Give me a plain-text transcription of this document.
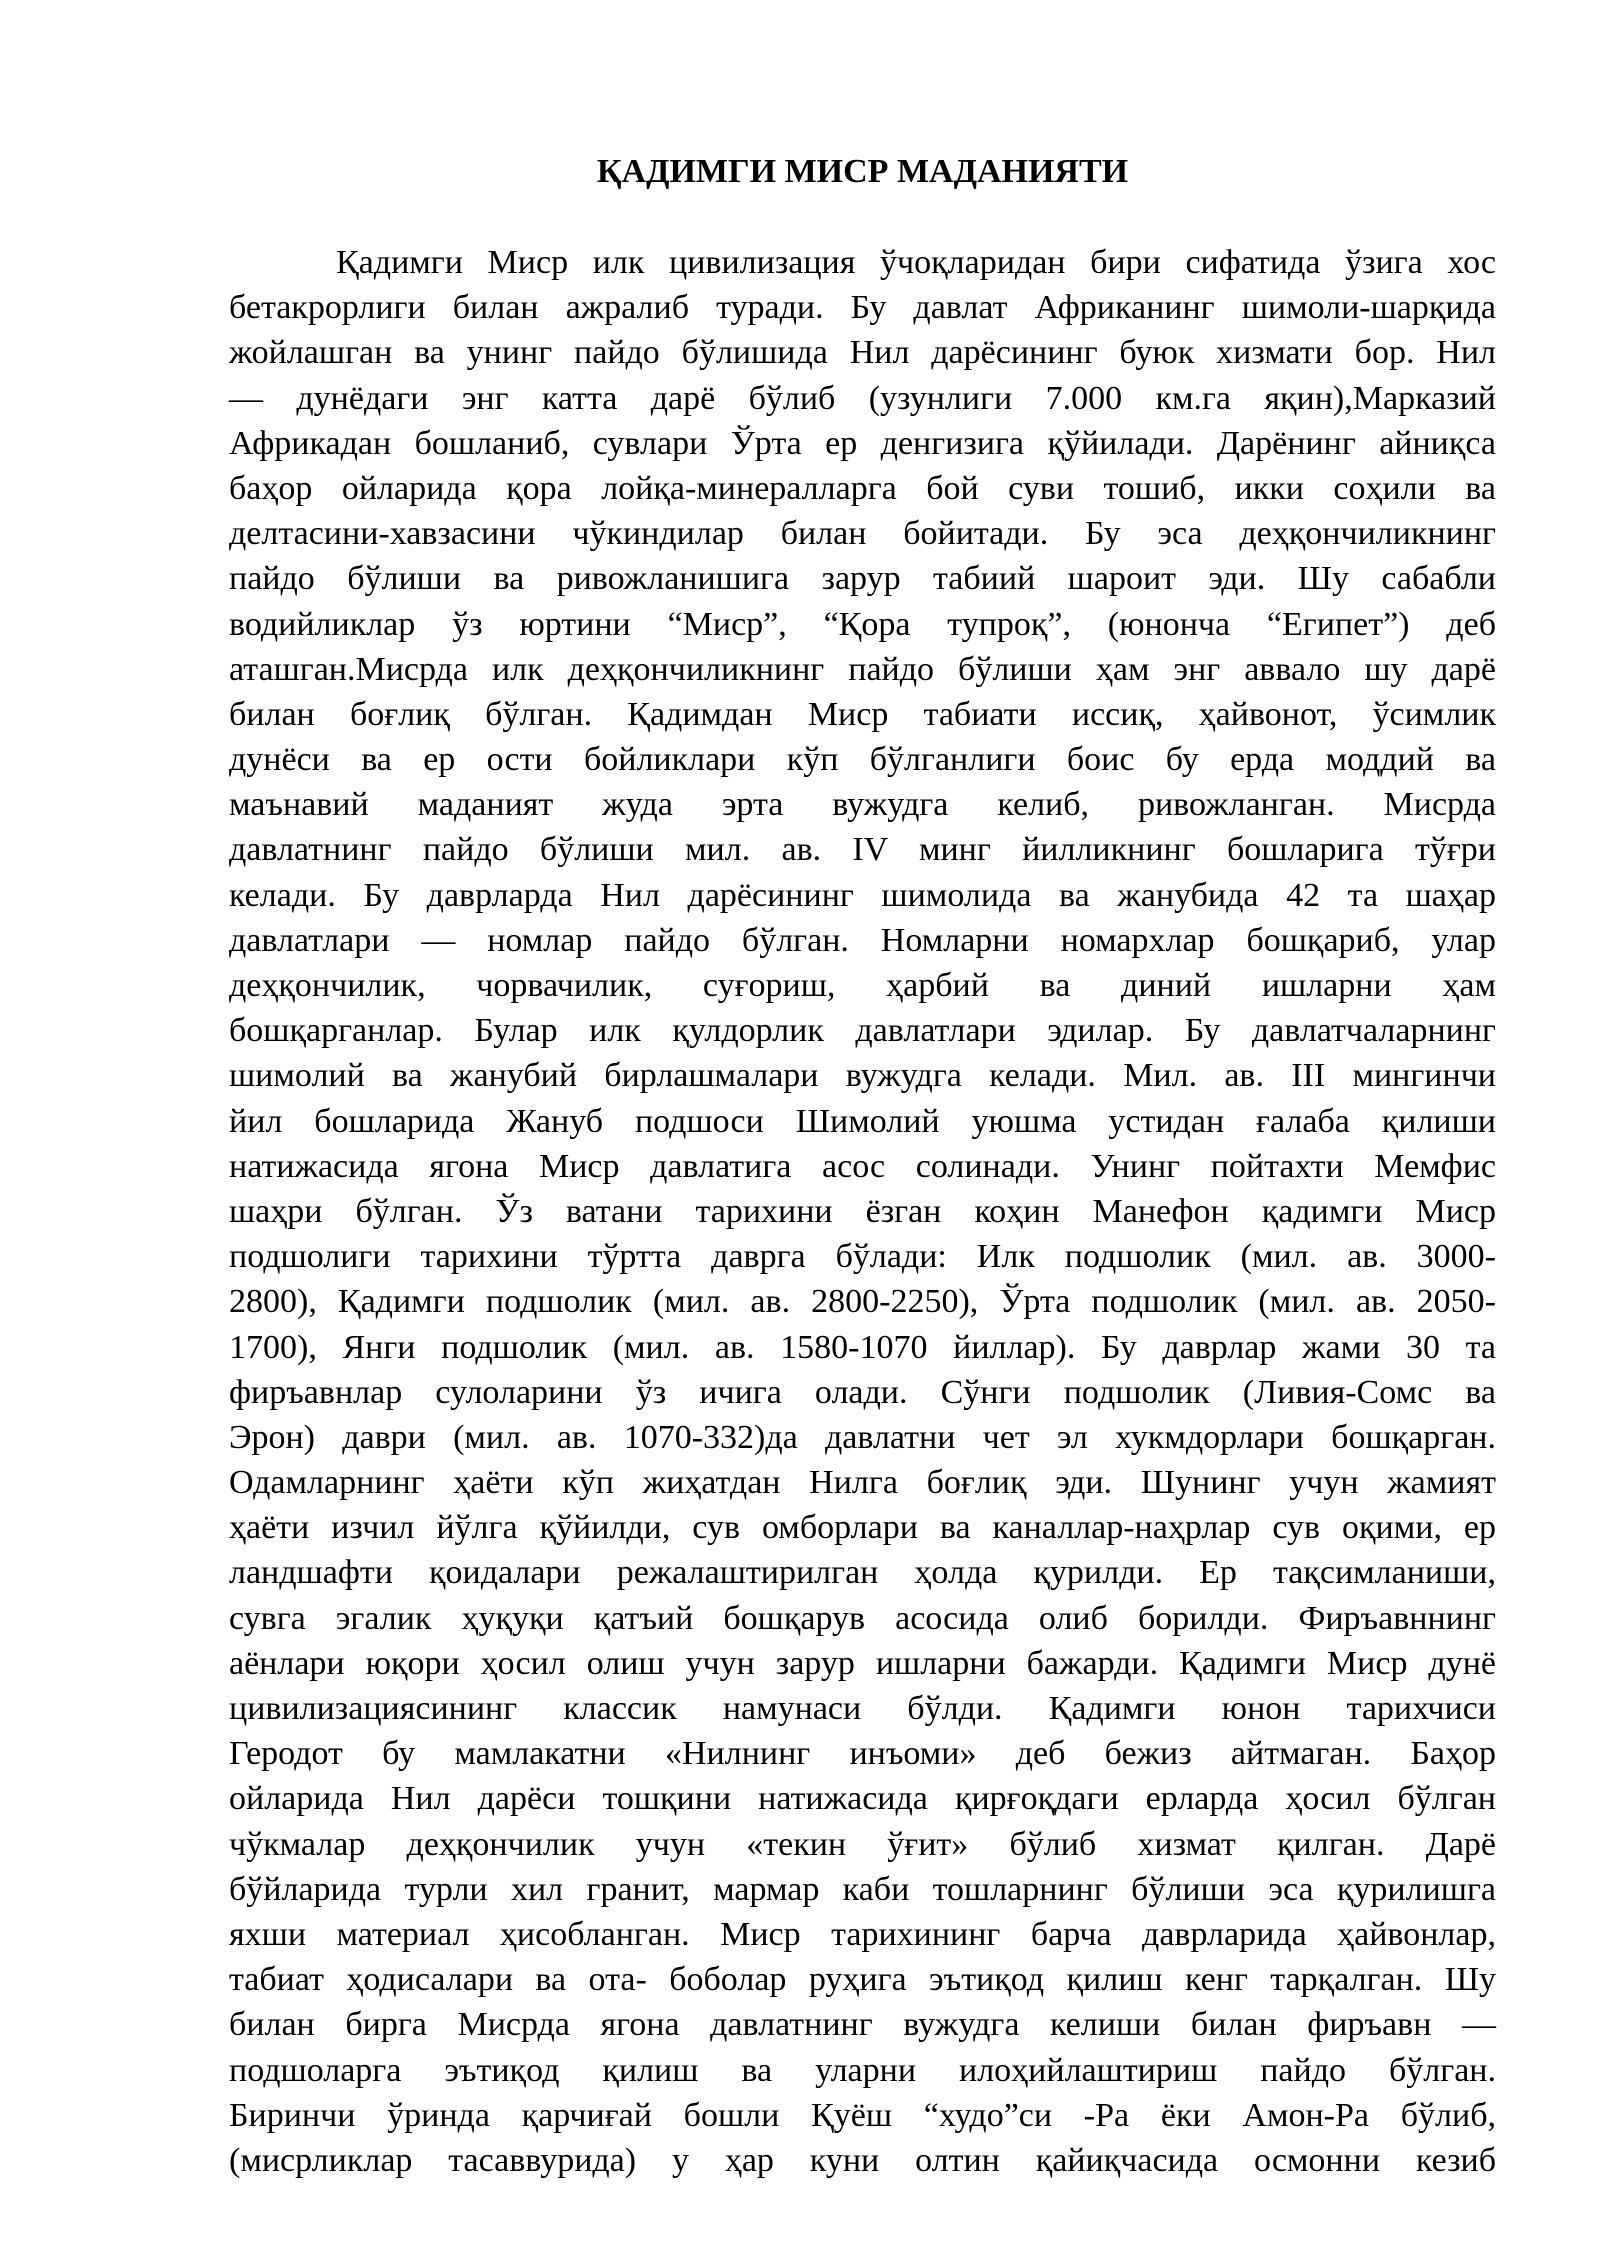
ҚАДИМГИ МИСР МАДАНИЯТИ
Қадимги Миср илк цивилизация ўчоқларидан бири сифатида ўзига хос
бетакрорлиги билан ажралиб туради. Бу давлат Африканинг шимоли-шарқида
жойлашган ва унинг пайдо бўлишида Нил дарёсининг буюк хизмати бор. Нил
— дунёдаги энг катта дарё бўлиб (узунлиги 7.000 км.га яқин),Марказий
Африкадан бошланиб, сувлари Ўрта ер денгизига қўйилади. Дарёнинг айниқса
баҳор ойларида қора лойқа-минералларга бой суви тошиб, икки соҳили ва
делтасини-хавзасини чўкиндилар билан бойитади. Бу эса деҳқончиликнинг
пайдо бўлиши ва ривожланишига зарур табиий шароит эди. Шу сабабли
водийликлар ўз юртини “Миср”, “Қора тупроқ”, (юнонча “Египет”) деб
аташган.Мисрда илк деҳқончиликнинг пайдо бўлиши ҳам энг аввало шу дарё
билан боғлиқ бўлган. Қадимдан Миср табиати иссиқ, ҳайвонот, ўсимлик
дунёси ва ер ости бойликлари кўп бўлганлиги боис бу ерда моддий ва
маънавий маданият жуда эрта вужудга келиб, ривожланган. Мисрда
давлатнинг пайдо бўлиши мил. ав. IV минг йилликнинг бошларига тўғри
келади. Бу даврларда Нил дарёсининг шимолида ва жанубида 42 та шаҳар
давлатлари — номлар пайдо бўлган. Номларни номархлар бошқариб, улар
деҳқончилик, чорвачилик, суғориш, ҳарбий ва диний ишларни ҳам
бошқарганлар. Булар илк қулдорлик давлатлари эдилар. Бу давлатчаларнинг
шимолий ва жанубий бирлашмалари вужудга келади. Мил. ав. III мингинчи
йил бошларида Жануб подшоси Шимолий уюшма устидан ғалаба қилиши
натижасида ягона Миср давлатига асос солинади. Унинг пойтахти Мемфис
шаҳри бўлган. Ўз ватани тарихини ёзган коҳин Манефон қадимги Миср
подшолиги тарихини тўртта даврга бўлади: Илк подшолик (мил. ав. 3000-
2800), Қадимги подшолик (мил. ав. 2800-2250), Ўрта подшолик (мил. ав. 2050-
1700), Янги подшолик (мил. ав. 1580-1070 йиллар). Бу даврлар жами 30 та
фиръавнлар сулоларини ўз ичига олади. Сўнги подшолик (Ливия-Сомс ва
Эрон) даври (мил. ав. 1070-332)да давлатни чет эл хукмдорлари бошқарган.
Одамларнинг ҳаёти кўп жиҳатдан Нилга боғлиқ эди. Шунинг учун жамият
ҳаёти изчил йўлга қўйилди, сув омборлари ва каналлар-наҳрлар сув оқими, ер
ландшафти қоидалари режалаштирилган ҳолда қурилди. Ер тақсимланиши,
сувга эгалик ҳуқуқи қатъий бошқарув асосида олиб борилди. Фиръавннинг
аёнлари юқори ҳосил олиш учун зарур ишларни бажарди. Қадимги Миср дунё
цивилизациясининг классик намунаси бўлди. Қадимги юнон тарихчиси
Геродот бу мамлакатни «Нилнинг инъоми» деб бежиз айтмаган. Баҳор
ойларида Нил дарёси тошқини натижасида қирғоқдаги ерларда ҳосил бўлган
чўкмалар деҳқончилик учун «текин ўғит» бўлиб хизмат қилган. Дарё
бўйларида турли хил гранит, мармар каби тошларнинг бўлиши эса қурилишга
яхши материал ҳисобланган. Миср тарихининг барча даврларида ҳайвонлар,
табиат ҳодисалари ва ота- боболар руҳига эътиқод қилиш кенг тарқалган. Шу
билан бирга Мисрда ягона давлатнинг вужудга келиши билан фиръавн —
подшоларга эътиқод қилиш ва уларни илоҳийлаштириш пайдо бўлган.
Биринчи ўринда қарчиғай бошли Қуёш “худо”си -Ра ёки Амон-Ра бўлиб,
(мисрликлар тасаввурида) у ҳар куни олтин қайиқчасида осмонни кезиб
